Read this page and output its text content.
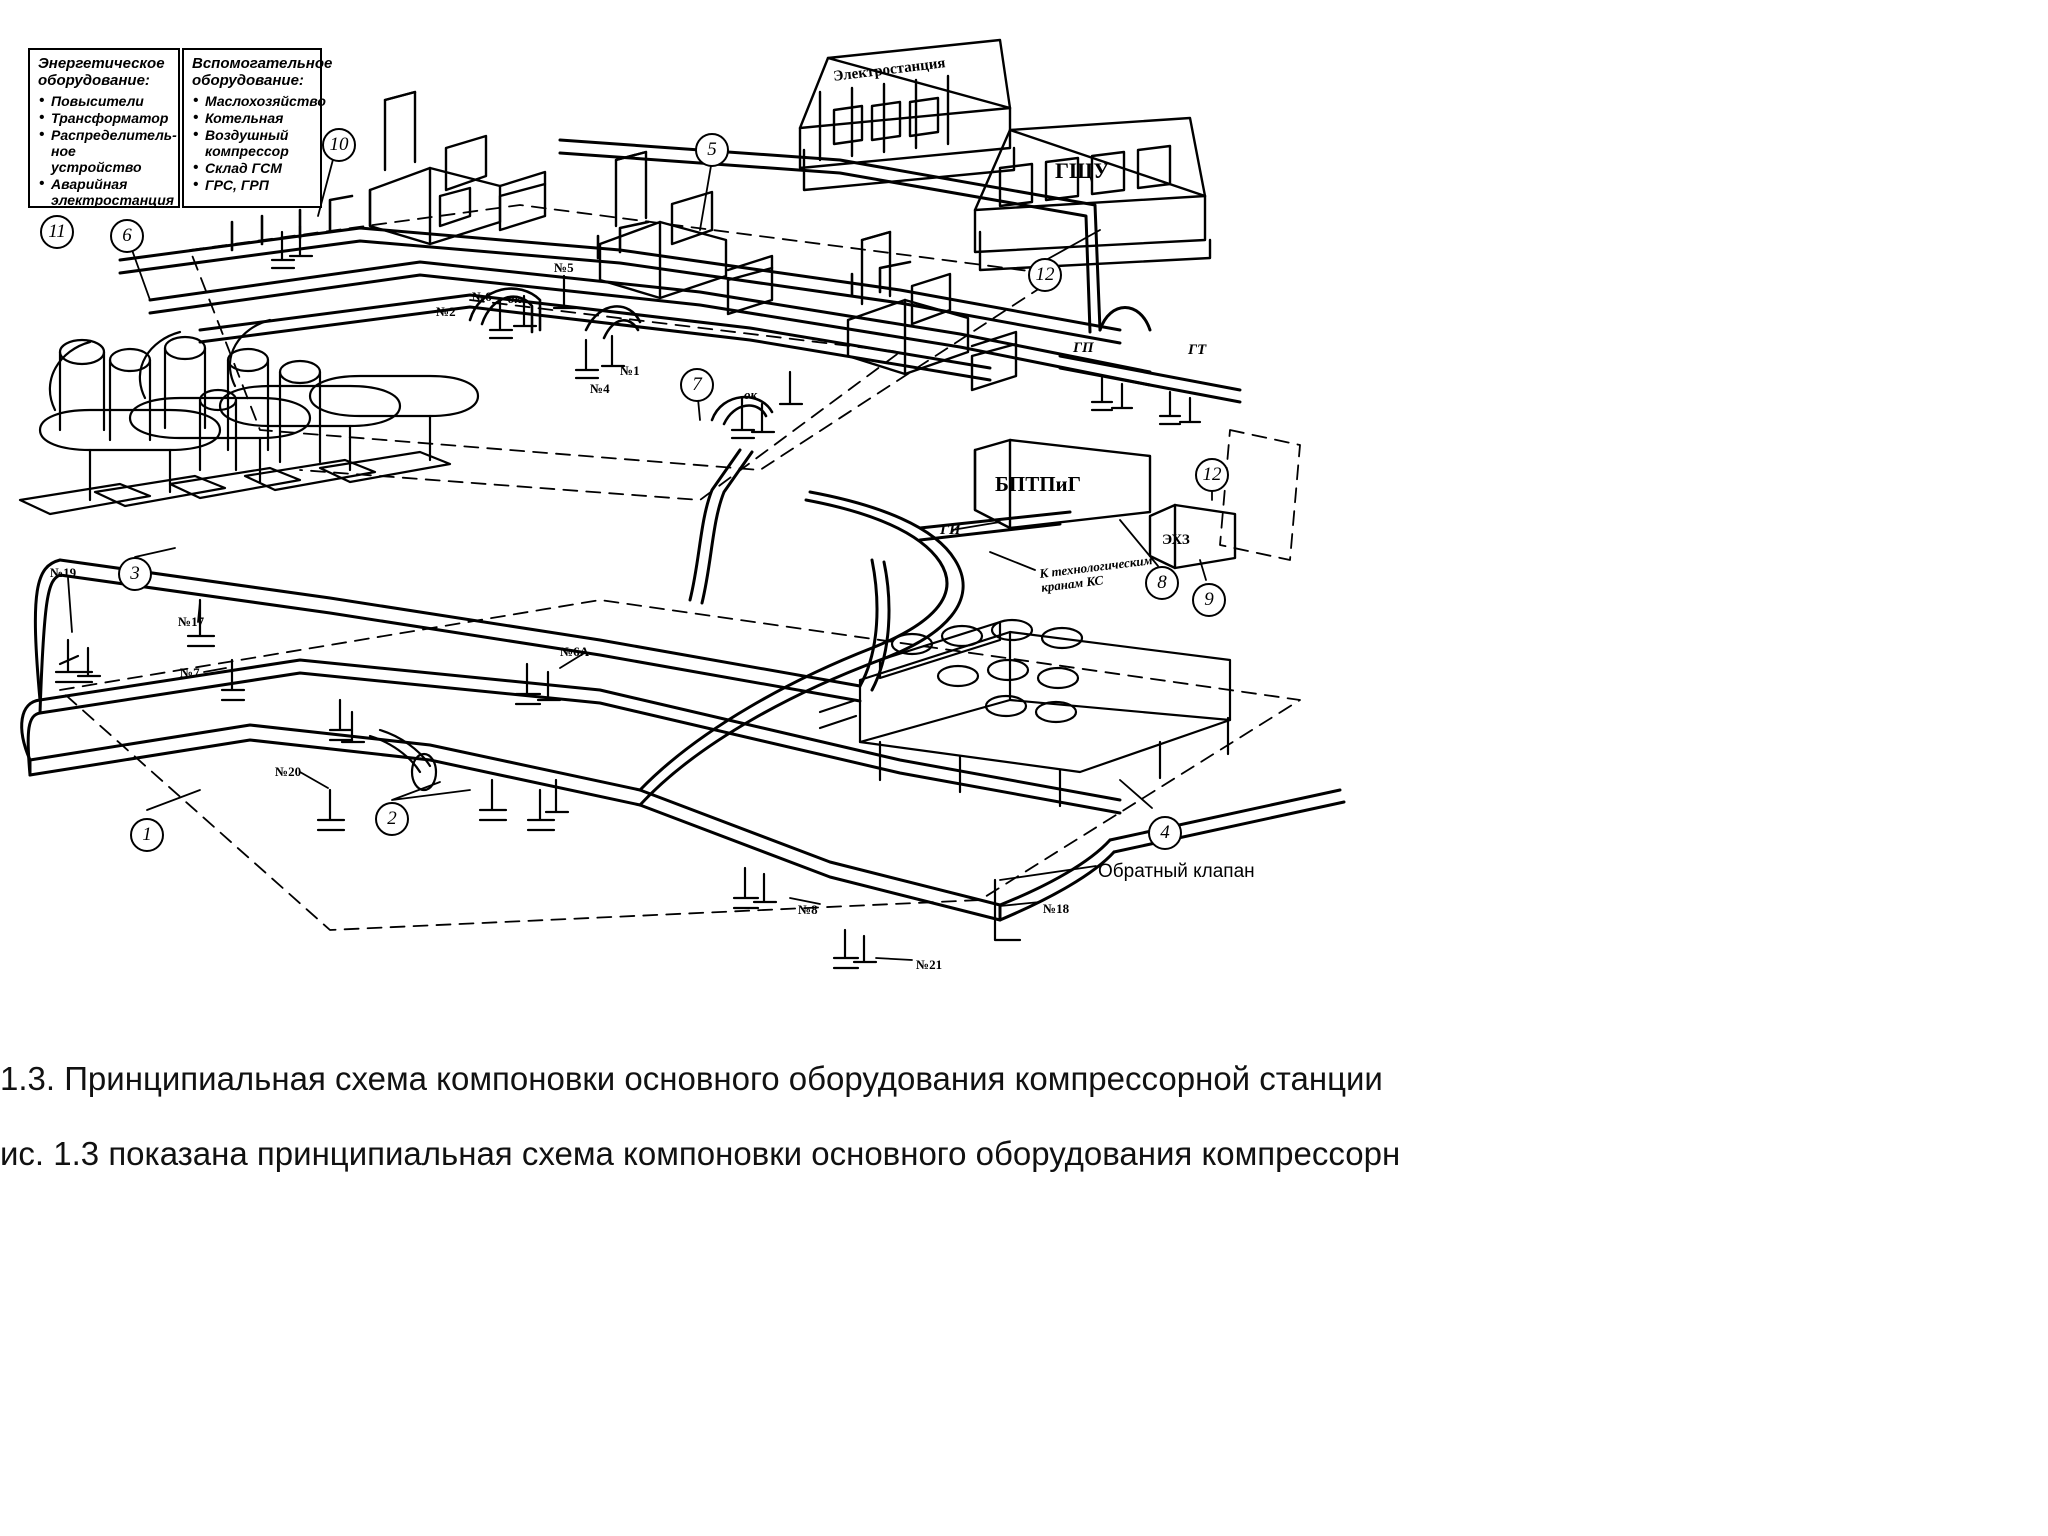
Энергетическое оборудование:
• Повысители
• Трансформатор
• Распределитель- ное устройство
• Аварийная электростанция
Вспомогательное оборудование:
• Маслохозяйство
• Котельная
• Воздушный компрессор
• Склад ГСМ
• ГРС, ГРП
1
2
3
4
5
6
7
8
9
10
11
12
12
Электростанция
ГЩУ
БПТПиГ
ЭХЗ
№1
№2
№4
№5
№6
№6А
№7
№8
№17
№18
№19
№20
№21
ок
ок
ГП	ГТ
ГИ
К технологическим
кранам КС
Обратный клапан
1.3. Принципиальная схема компоновки основного оборудования компрессорной станции
ис. 1.3 показана принципиальная схема компоновки основного оборудования компрессорн
